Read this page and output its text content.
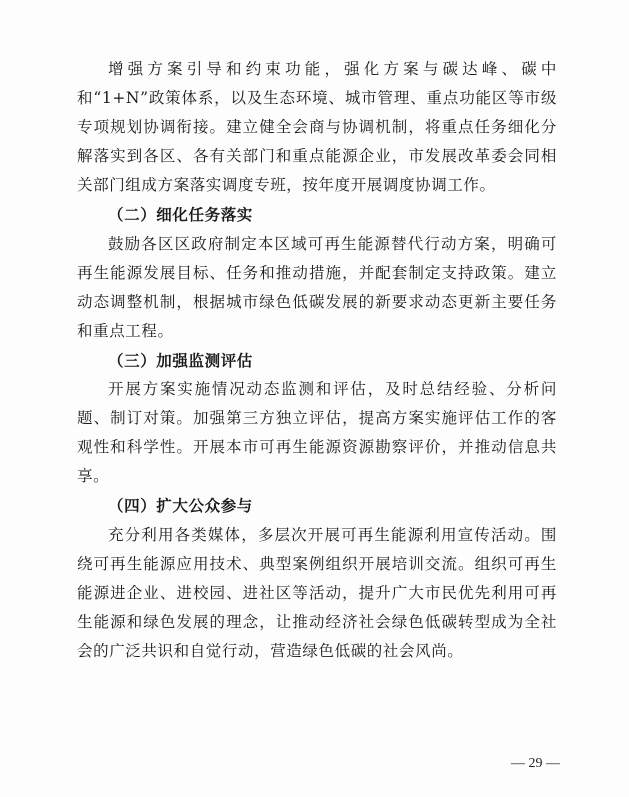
增强方案引导和约束功能，强化方案与碳达峰、碳中和“1+N”政策体系，以及生态环境、城市管理、重点功能区等市级专项规划协调衔接。建立健全会商与协调机制，将重点任务细化分解落实到各区、各有关部门和重点能源企业，市发展改革委会同相关部门组成方案落实调度专班，按年度开展调度协调工作。

（二）细化任务落实

鼓励各区区政府制定本区域可再生能源替代行动方案，明确可再生能源发展目标、任务和推动措施，并配套制定支持政策。建立动态调整机制，根据城市绿色低碳发展的新要求动态更新主要任务和重点工程。

（三）加强监测评估

开展方案实施情况动态监测和评估，及时总结经验、分析问题、制订对策。加强第三方独立评估，提高方案实施评估工作的客观性和科学性。开展本市可再生能源资源勘察评价，并推动信息共享。

（四）扩大公众参与

充分利用各类媒体，多层次开展可再生能源利用宣传活动。围绕可再生能源应用技术、典型案例组织开展培训交流。组织可再生能源进企业、进校园、进社区等活动，提升广大市民优先利用可再生能源和绿色发展的理念，让推动经济社会绿色低碳转型成为全社会的广泛共识和自觉行动，营造绿色低碳的社会风尚。

— 29 —
